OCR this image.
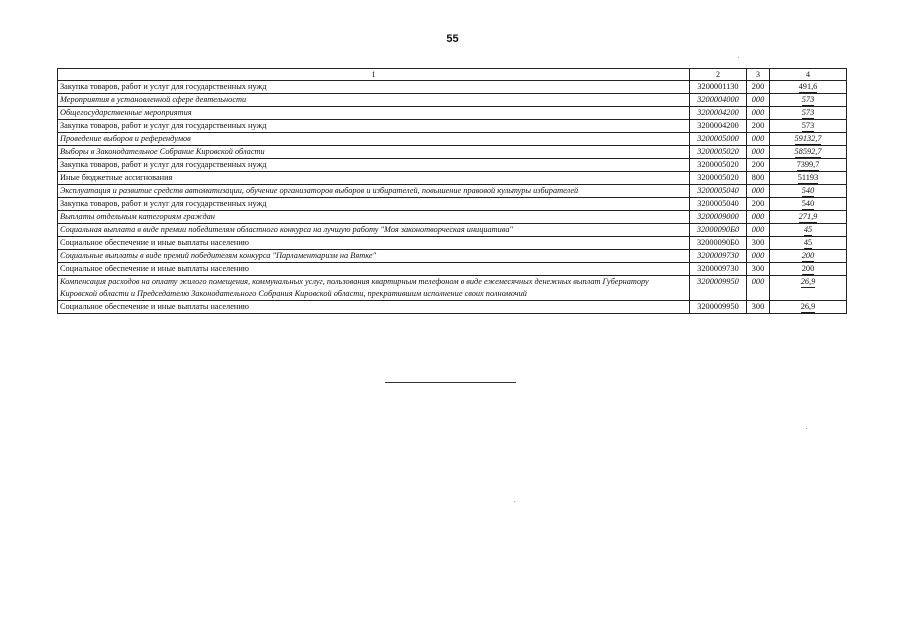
55
1	2	3	4
Закупка товаров, работ и услуг для государственных нужд	3200001130	200	491,6
Мероприятия в установленной сфере деятельности	3200004000	000	573
Общегосударственные мероприятия	3200004200	000	573
Закупка товаров, работ и услуг для государственных нужд	3200004200	200	573
Проведение выборов и референдумов	3200005000	000	59132,7
Выборы в Законодательное Собрание Кировской области	3200005020	000	58592,7
Закупка товаров, работ и услуг для государственных нужд	3200005020	200	7399,7
Иные бюджетные ассигнования	3200005020	800	51193
Эксплуатация и развитие средств автоматизации, обучение организаторов выборов и избирателей, повышение правовой культуры избирателей	3200005040	000	540
Закупка товаров, работ и услуг для государственных нужд	3200005040	200	540
Выплаты отдельным категориям граждан	3200009000	000	271,9
Социальная выплата в виде премии победителям областного конкурса на лучшую работу "Моя законотворческая инициатива"	32000090Б0	000	45
Социальное обеспечение и иные выплаты населению	32000090Б0	300	45
Социальные выплаты в виде премий победителям конкурса "Парламентаризм на Вятке"	3200009730	000	200
Социальное обеспечение и иные выплаты населению	3200009730	300	200
Компенсация расходов на оплату жилого помещения, коммунальных услуг, пользования квартирным телефоном в виде ежемесячных денежных выплат Губернатору Кировской области и Председателю Законодательного Собрания Кировской области, прекратившим исполнение своих полномочий	3200009950	000	26,9
Социальное обеспечение и иные выплаты населению	3200009950	300	26,9
